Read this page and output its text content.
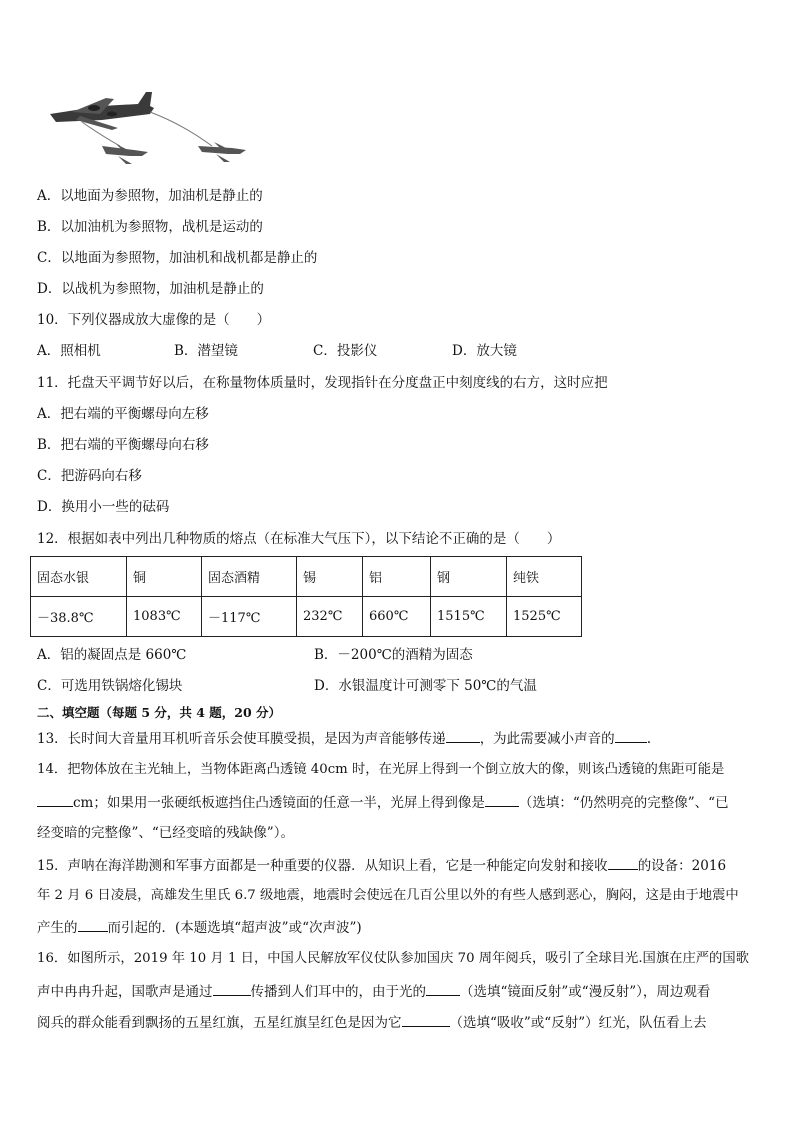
A．以地面为参照物，加油机是静止的
B．以加油机为参照物，战机是运动的
C．以地面为参照物，加油机和战机都是静止的
D．以战机为参照物，加油机是静止的
10．下列仪器成放大虚像的是（　　）
A．照相机	B．潜望镜	C．投影仪	D．放大镜
11．托盘天平调节好以后，在称量物体质量时，发现指针在分度盘正中刻度线的右方，这时应把
A．把右端的平衡螺母向左移
B．把右端的平衡螺母向右移
C．把游码向右移
D．换用小一些的砝码
12．根据如表中列出几种物质的熔点（在标准大气压下），以下结论不正确的是（　　）
固态水银	铜	固态酒精	锡	铝	钢	纯铁
－38.8℃	1083℃	－117℃	232℃	660℃	1515℃	1525℃
A．铝的凝固点是 660℃	B．－200℃的酒精为固态
C．可选用铁锅熔化锡块	D．水银温度计可测零下 50℃的气温
二、填空题（每题 5 分，共 4 题，20 分）
13．长时间大音量用耳机听音乐会使耳膜受损，是因为声音能够传递	，为此需要减小声音的 .
14．把物体放在主光轴上，当物体距离凸透镜 40cm 时，在光屏上得到一个倒立放大的像，则该凸透镜的焦距可能是
cm；如果用一张硬纸板遮挡住凸透镜面的任意一半，光屏上得到像是	（选填：“仍然明亮的完整像”、“已
经变暗的完整像”、“已经变暗的残缺像”）。
15．声呐在海洋勘测和军事方面都是一种重要的仪器．从知识上看，它是一种能定向发射和接收 的设备：2016
年 2 月 6 日凌晨，高雄发生里氏 6.7 级地震，地震时会使远在几百公里以外的有些人感到恶心，胸闷，这是由于地震中
产生的 而引起的．(本题选填“超声波”或“次声波”)
16．如图所示，2019 年 10 月 1 日，中国人民解放军仪仗队参加国庆 70 周年阅兵，吸引了全球目光.国旗在庄严的国歌
声中冉冉升起，国歌声是通过	传播到人们耳中的，由于光的	（选填“镜面反射”或“漫反射”），周边观看
阅兵的群众能看到飘扬的五星红旗，五星红旗呈红色是因为它	（选填“吸收”或“反射”）红光，队伍看上去
